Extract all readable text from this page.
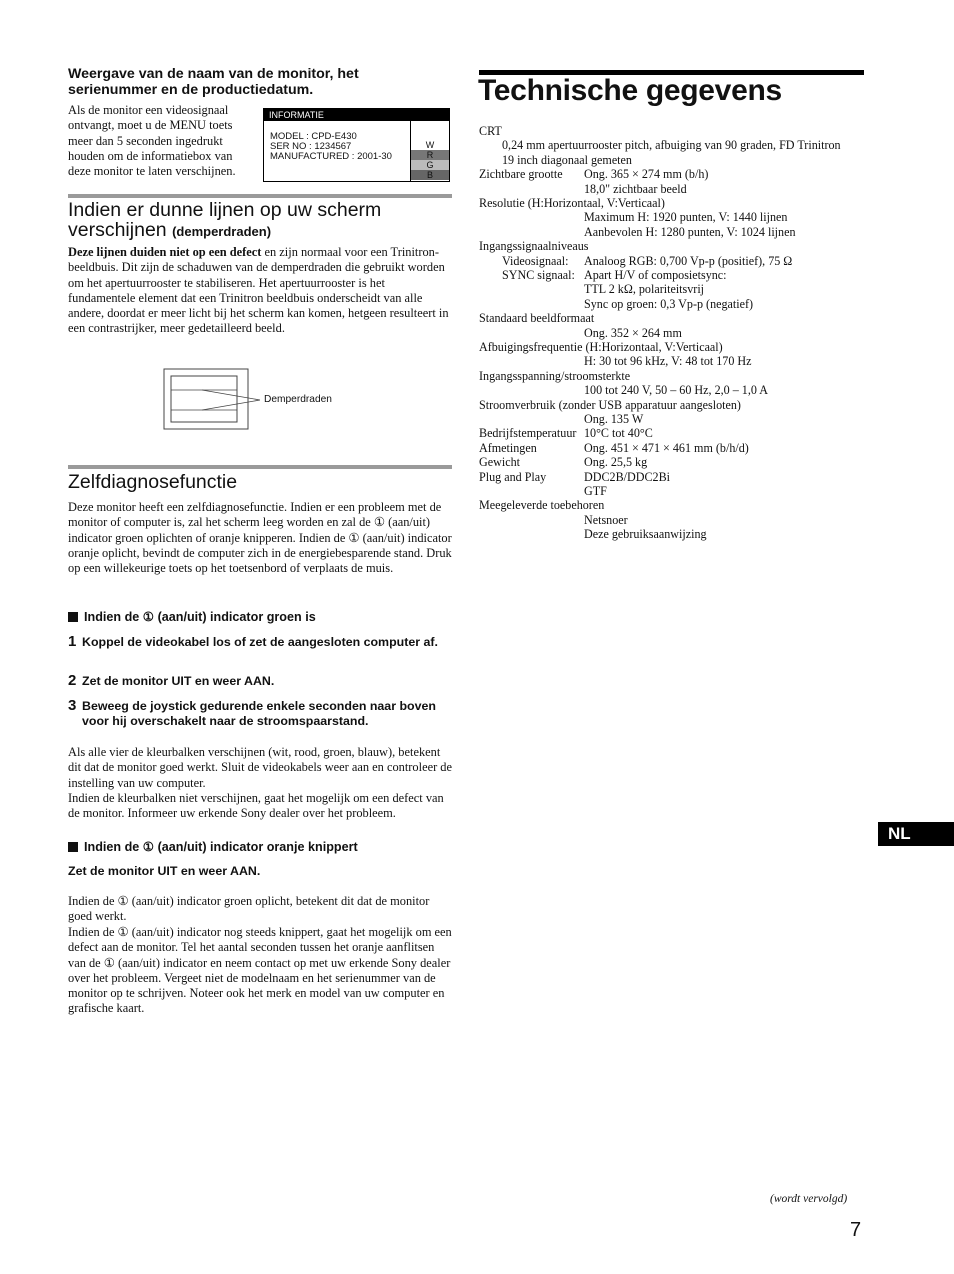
Weergave van de naam van de monitor, het serienummer en de productiedatum.
Als de monitor een videosignaal ontvangt, moet u de MENU toets meer dan 5 seconden ingedrukt houden om de informatiebox van deze monitor te laten verschijnen.
INFORMATIE
MODEL : CPD-E430
SER NO : 1234567
MANUFACTURED : 2001-30
W
R
G
B
Indien er dunne lijnen op uw scherm verschijnen (demperdraden)
Deze lijnen duiden niet op een defect en zijn normaal voor een Trinitron-beeldbuis. Dit zijn de schaduwen van de demperdraden die gebruikt worden om het apertuurrooster te stabiliseren. Het apertuurrooster is het fundamentele element dat een Trinitron beeldbuis onderscheidt van alle andere, doordat er meer licht bij het scherm kan komen, hetgeen resulteert in een contrastrijker, meer gedetailleerd beeld.
Demperdraden
Zelfdiagnosefunctie
Deze monitor heeft een zelfdiagnosefunctie. Indien er een probleem met de monitor of computer is, zal het scherm leeg worden en zal de ① (aan/uit) indicator groen oplichten of oranje knipperen. Indien de ① (aan/uit) indicator oranje oplicht, bevindt de computer zich in de energiebesparende stand. Druk op een willekeurige toets op het toetsenbord of verplaats de muis.
Indien de ① (aan/uit) indicator groen is
1 Koppel de videokabel los of zet de aangesloten computer af.
2 Zet de monitor UIT en weer AAN.
3 Beweeg de joystick gedurende enkele seconden naar boven voor hij overschakelt naar de stroomspaarstand.
Als alle vier de kleurbalken verschijnen (wit, rood, groen, blauw), betekent dit dat de monitor goed werkt. Sluit de videokabels weer aan en controleer de instelling van uw computer.
Indien de kleurbalken niet verschijnen, gaat het mogelijk om een defect van de monitor. Informeer uw erkende Sony dealer over het probleem.
Indien de ① (aan/uit) indicator oranje knippert
Zet de monitor UIT en weer AAN.
Indien de ① (aan/uit) indicator groen oplicht, betekent dit dat de monitor goed werkt.
Indien de ① (aan/uit) indicator nog steeds knippert, gaat het mogelijk om een defect aan de monitor. Tel het aantal seconden tussen het oranje aanflitsen van de ① (aan/uit) indicator en neem contact op met uw erkende Sony dealer over het probleem. Vergeet niet de modelnaam en het serienummer van de monitor op te schrijven. Noteer ook het merk en model van uw computer en grafische kaart.
Technische gegevens
CRT
0,24 mm apertuurrooster pitch, afbuiging van 90 graden, FD Trinitron
19 inch diagonaal gemeten
Zichtbare grootte Ong. 365 × 274 mm (b/h)
18,0" zichtbaar beeld
Resolutie (H:Horizontaal, V:Verticaal)
Maximum H: 1920 punten, V: 1440 lijnen
Aanbevolen H: 1280 punten, V: 1024 lijnen
Ingangssignaalniveaus
Videosignaal: Analoog RGB: 0,700 Vp-p (positief), 75 Ω
SYNC signaal: Apart H/V of composietsync:
TTL 2 kΩ, polariteitsvrij
Sync op groen: 0,3 Vp-p (negatief)
Standaard beeldformaat
Ong. 352 × 264 mm
Afbuigingsfrequentie (H:Horizontaal, V:Verticaal)
H: 30 tot 96 kHz, V: 48 tot 170 Hz
Ingangsspanning/stroomsterkte
100 tot 240 V, 50 – 60 Hz, 2,0 – 1,0 A
Stroomverbruik (zonder USB apparatuur aangesloten)
Ong. 135 W
Bedrijfstemperatuur 10°C tot 40°C
Afmetingen	Ong. 451 × 471 × 461 mm (b/h/d)
Gewicht	Ong. 25,5 kg
Plug and Play	DDC2B/DDC2Bi
GTF
Meegeleverde toebehoren
Netsnoer
Deze gebruiksaanwijzing
NL
(wordt vervolgd)
7
